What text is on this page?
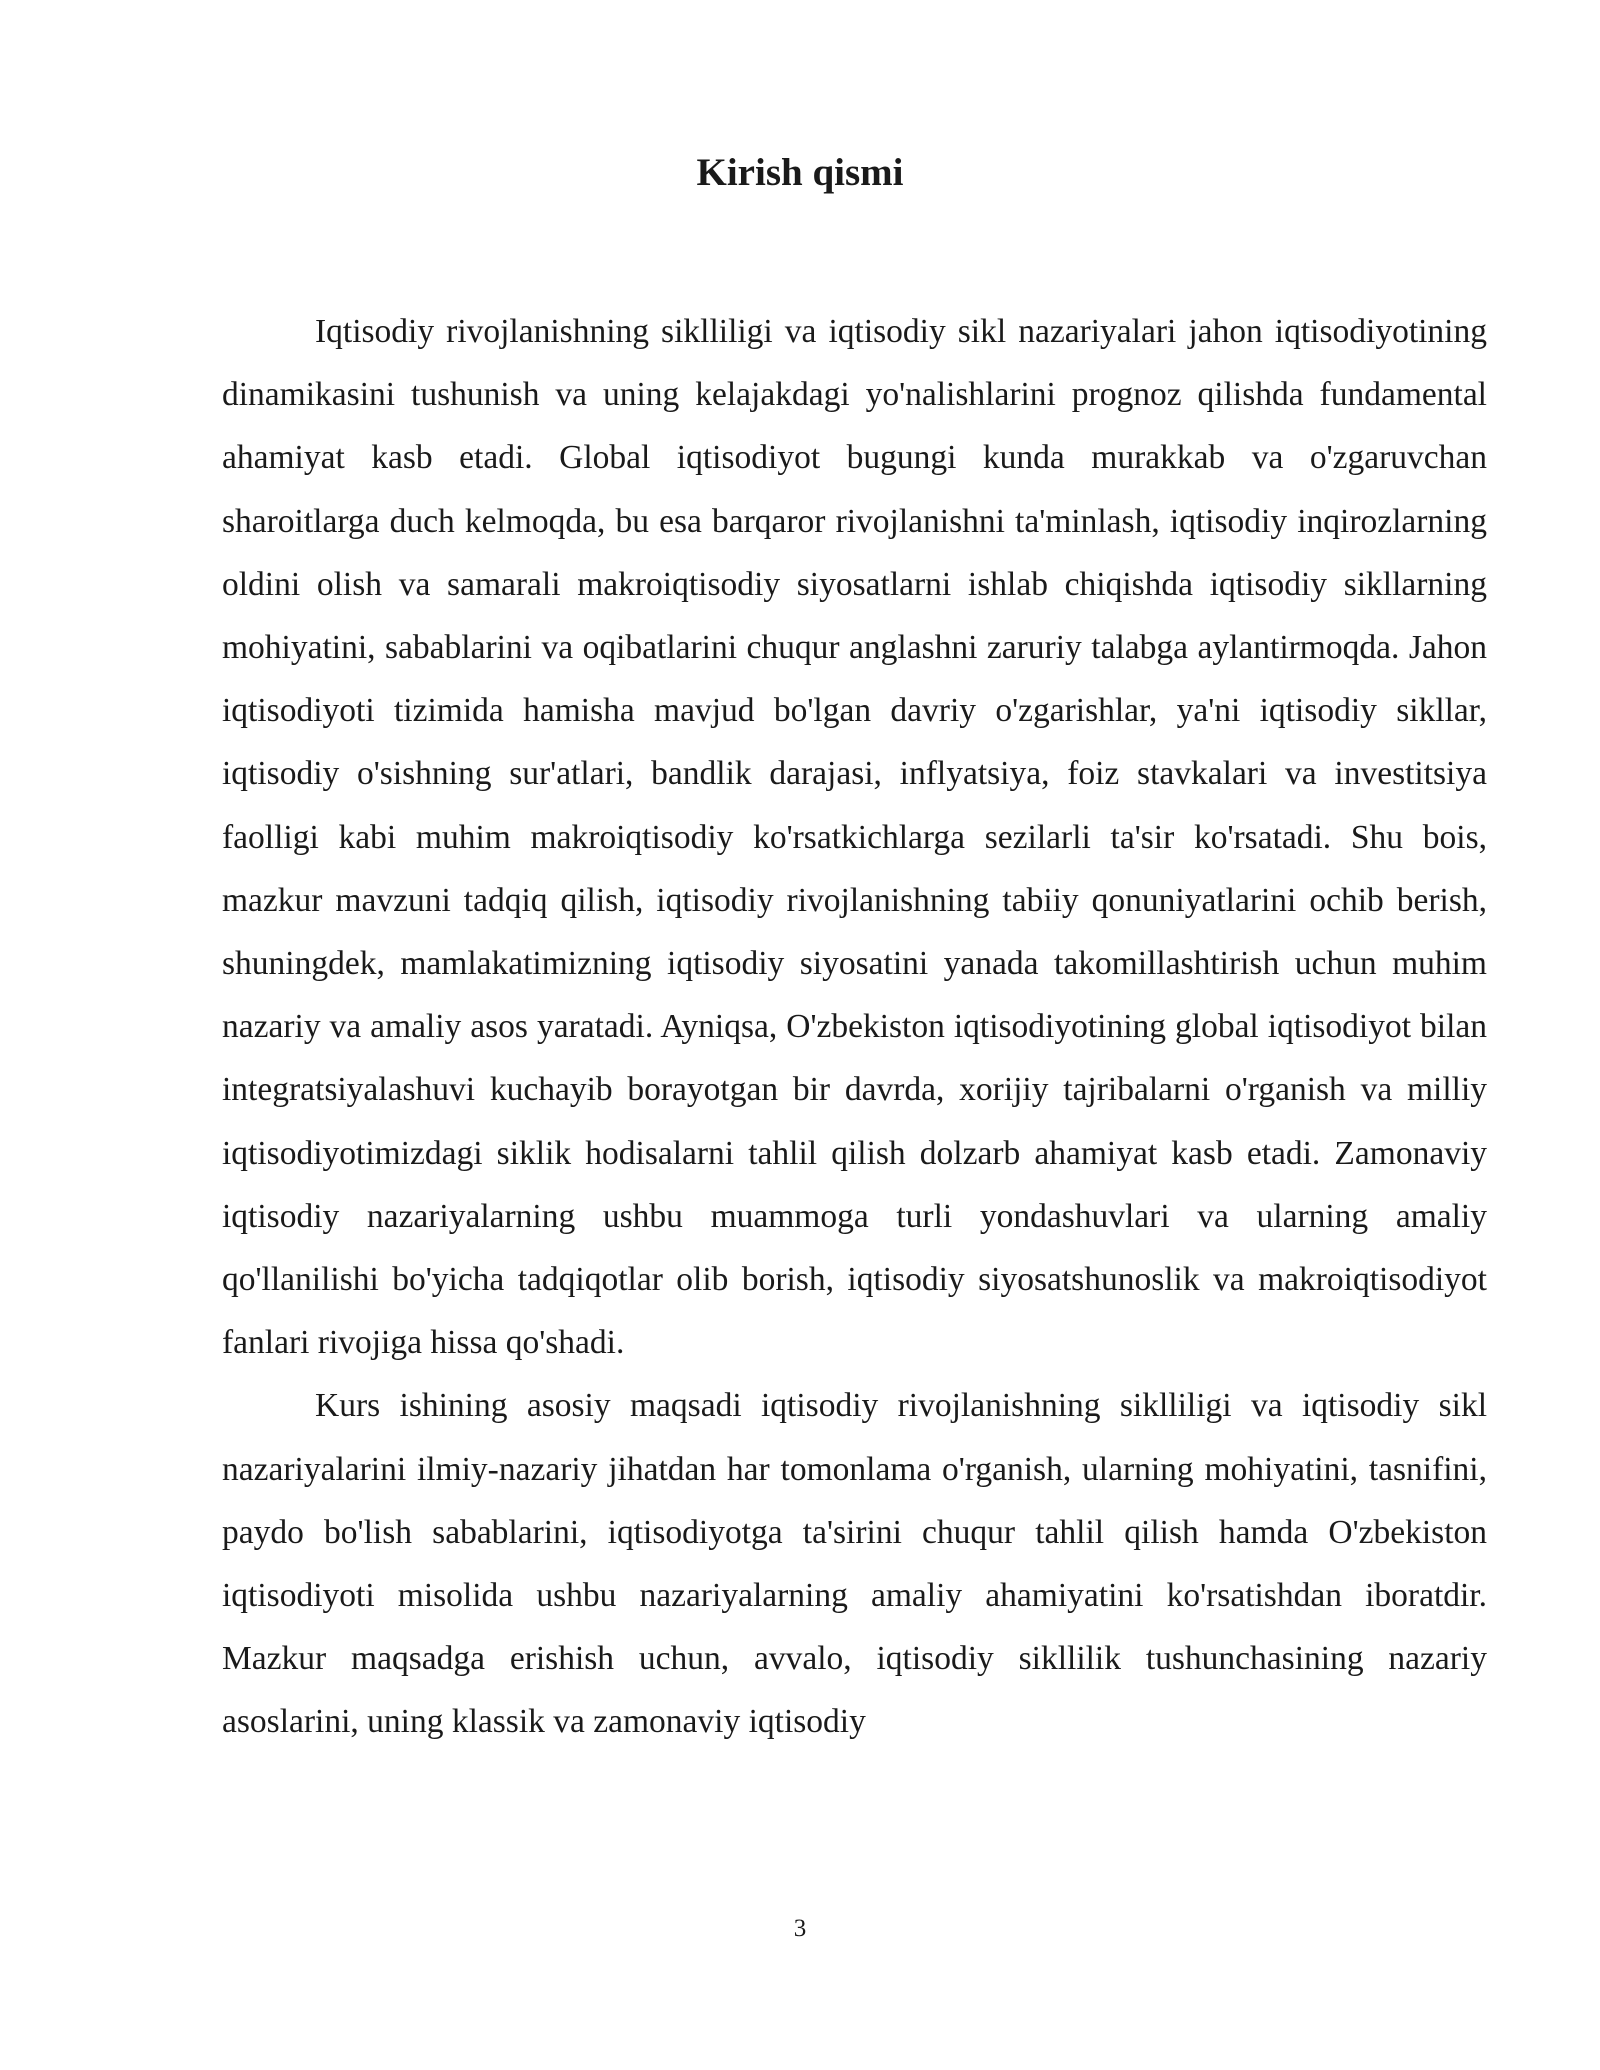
Kirish qismi

Iqtisodiy rivojlanishning siklliligi va iqtisodiy sikl nazariyalari jahon iqtisodiyotining dinamikasini tushunish va uning kelajakdagi yo'nalishlarini prognoz qilishda fundamental ahamiyat kasb etadi. Global iqtisodiyot bugungi kunda murakkab va o'zgaruvchan sharoitlarga duch kelmoqda, bu esa barqaror rivojlanishni ta'minlash, iqtisodiy inqirozlarning oldini olish va samarali makroiqtisodiy siyosatlarni ishlab chiqishda iqtisodiy sikllarning mohiyatini, sabablarini va oqibatlarini chuqur anglashni zaruriy talabga aylantirmoqda. Jahon iqtisodiyoti tizimida hamisha mavjud bo'lgan davriy o'zgarishlar, ya'ni iqtisodiy sikllar, iqtisodiy o'sishning sur'atlari, bandlik darajasi, inflyatsiya, foiz stavkalari va investitsiya faolligi kabi muhim makroiqtisodiy ko'rsatkichlarga sezilarli ta'sir ko'rsatadi. Shu bois, mazkur mavzuni tadqiq qilish, iqtisodiy rivojlanishning tabiiy qonuniyatlarini ochib berish, shuningdek, mamlakatimizning iqtisodiy siyosatini yanada takomillashtirish uchun muhim nazariy va amaliy asos yaratadi. Ayniqsa, O'zbekiston iqtisodiyotining global iqtisodiyot bilan integratsiyalashuvi kuchayib borayotgan bir davrda, xorijiy tajribalarni o'rganish va milliy iqtisodiyotimizdagi siklik hodisalarni tahlil qilish dolzarb ahamiyat kasb etadi. Zamonaviy iqtisodiy nazariyalarning ushbu muammoga turli yondashuvlari va ularning amaliy qo'llanilishi bo'yicha tadqiqotlar olib borish, iqtisodiy siyosatshunoslik va makroiqtisodiyot fanlari rivojiga hissa qo'shadi.

Kurs ishining asosiy maqsadi iqtisodiy rivojlanishning siklliligi va iqtisodiy sikl nazariyalarini ilmiy-nazariy jihatdan har tomonlama o'rganish, ularning mohiyatini, tasnifini, paydo bo'lish sabablarini, iqtisodiyotga ta'sirini chuqur tahlil qilish hamda O'zbekiston iqtisodiyoti misolida ushbu nazariyalarning amaliy ahamiyatini ko'rsatishdan iboratdir. Mazkur maqsadga erishish uchun, avvalo, iqtisodiy sikllilik tushunchasining nazariy asoslarini, uning klassik va zamonaviy iqtisodiy

3
